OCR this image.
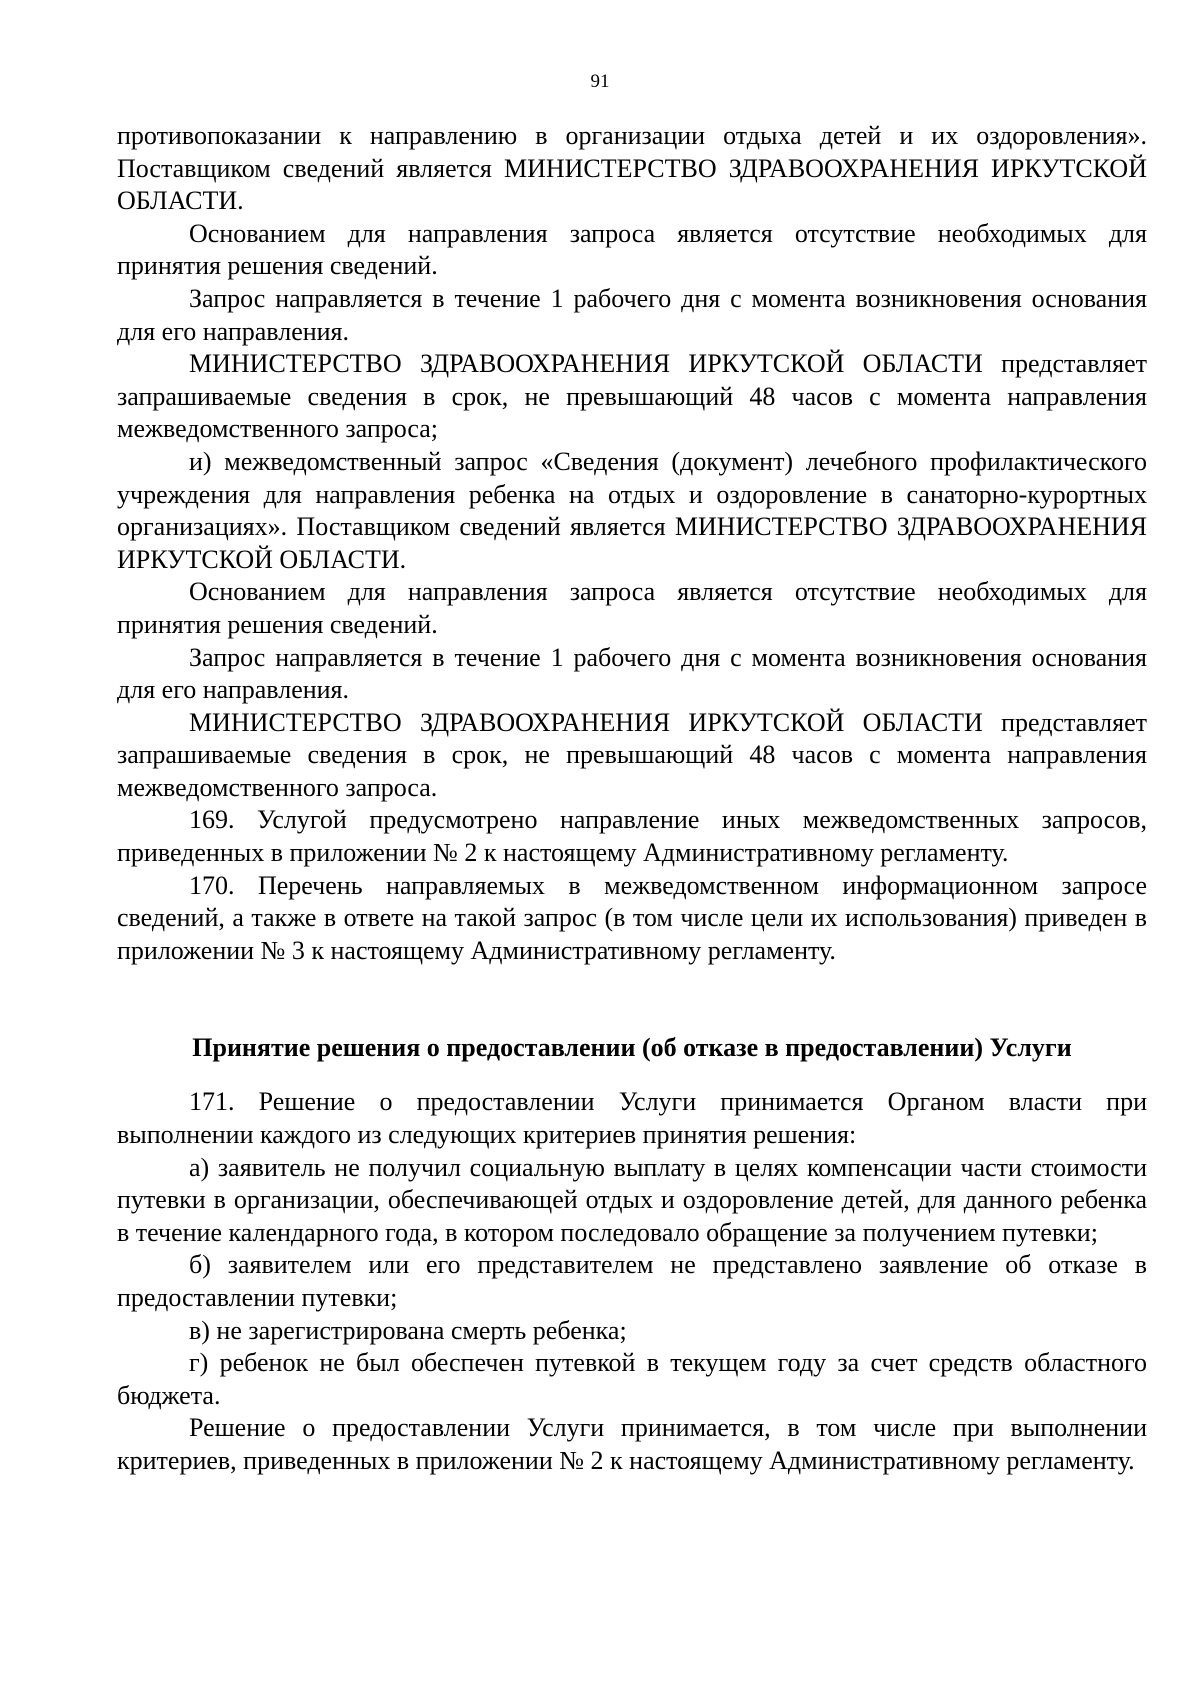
91

противопоказании к направлению в организации отдыха детей и их оздоровления». Поставщиком сведений является МИНИСТЕРСТВО ЗДРАВООХРАНЕНИЯ ИРКУТСКОЙ ОБЛАСТИ.

Основанием для направления запроса является отсутствие необходимых для принятия решения сведений.

Запрос направляется в течение 1 рабочего дня с момента возникновения основания для его направления.

МИНИСТЕРСТВО ЗДРАВООХРАНЕНИЯ ИРКУТСКОЙ ОБЛАСТИ представляет запрашиваемые сведения в срок, не превышающий 48 часов с момента направления межведомственного запроса;

и) межведомственный запрос «Сведения (документ) лечебного профилактического учреждения для направления ребенка на отдых и оздоровление в санаторно-курортных организациях». Поставщиком сведений является МИНИСТЕРСТВО ЗДРАВООХРАНЕНИЯ ИРКУТСКОЙ ОБЛАСТИ.

Основанием для направления запроса является отсутствие необходимых для принятия решения сведений.

Запрос направляется в течение 1 рабочего дня с момента возникновения основания для его направления.

МИНИСТЕРСТВО ЗДРАВООХРАНЕНИЯ ИРКУТСКОЙ ОБЛАСТИ представляет запрашиваемые сведения в срок, не превышающий 48 часов с момента направления межведомственного запроса.

169. Услугой предусмотрено направление иных межведомственных запросов, приведенных в приложении № 2 к настоящему Административному регламенту.

170. Перечень направляемых в межведомственном информационном запросе сведений, а также в ответе на такой запрос (в том числе цели их использования) приведен в приложении № 3 к настоящему Административному регламенту.

Принятие решения о предоставлении (об отказе в предоставлении) Услуги

171. Решение о предоставлении Услуги принимается Органом власти при выполнении каждого из следующих критериев принятия решения:

а) заявитель не получил социальную выплату в целях компенсации части стоимости путевки в организации, обеспечивающей отдых и оздоровление детей, для данного ребенка в течение календарного года, в котором последовало обращение за получением путевки;

б) заявителем или его представителем не представлено заявление об отказе в предоставлении путевки;

в) не зарегистрирована смерть ребенка;

г) ребенок не был обеспечен путевкой в текущем году за счет средств областного бюджета.

Решение о предоставлении Услуги принимается, в том числе при выполнении критериев, приведенных в приложении № 2 к настоящему Административному регламенту.
